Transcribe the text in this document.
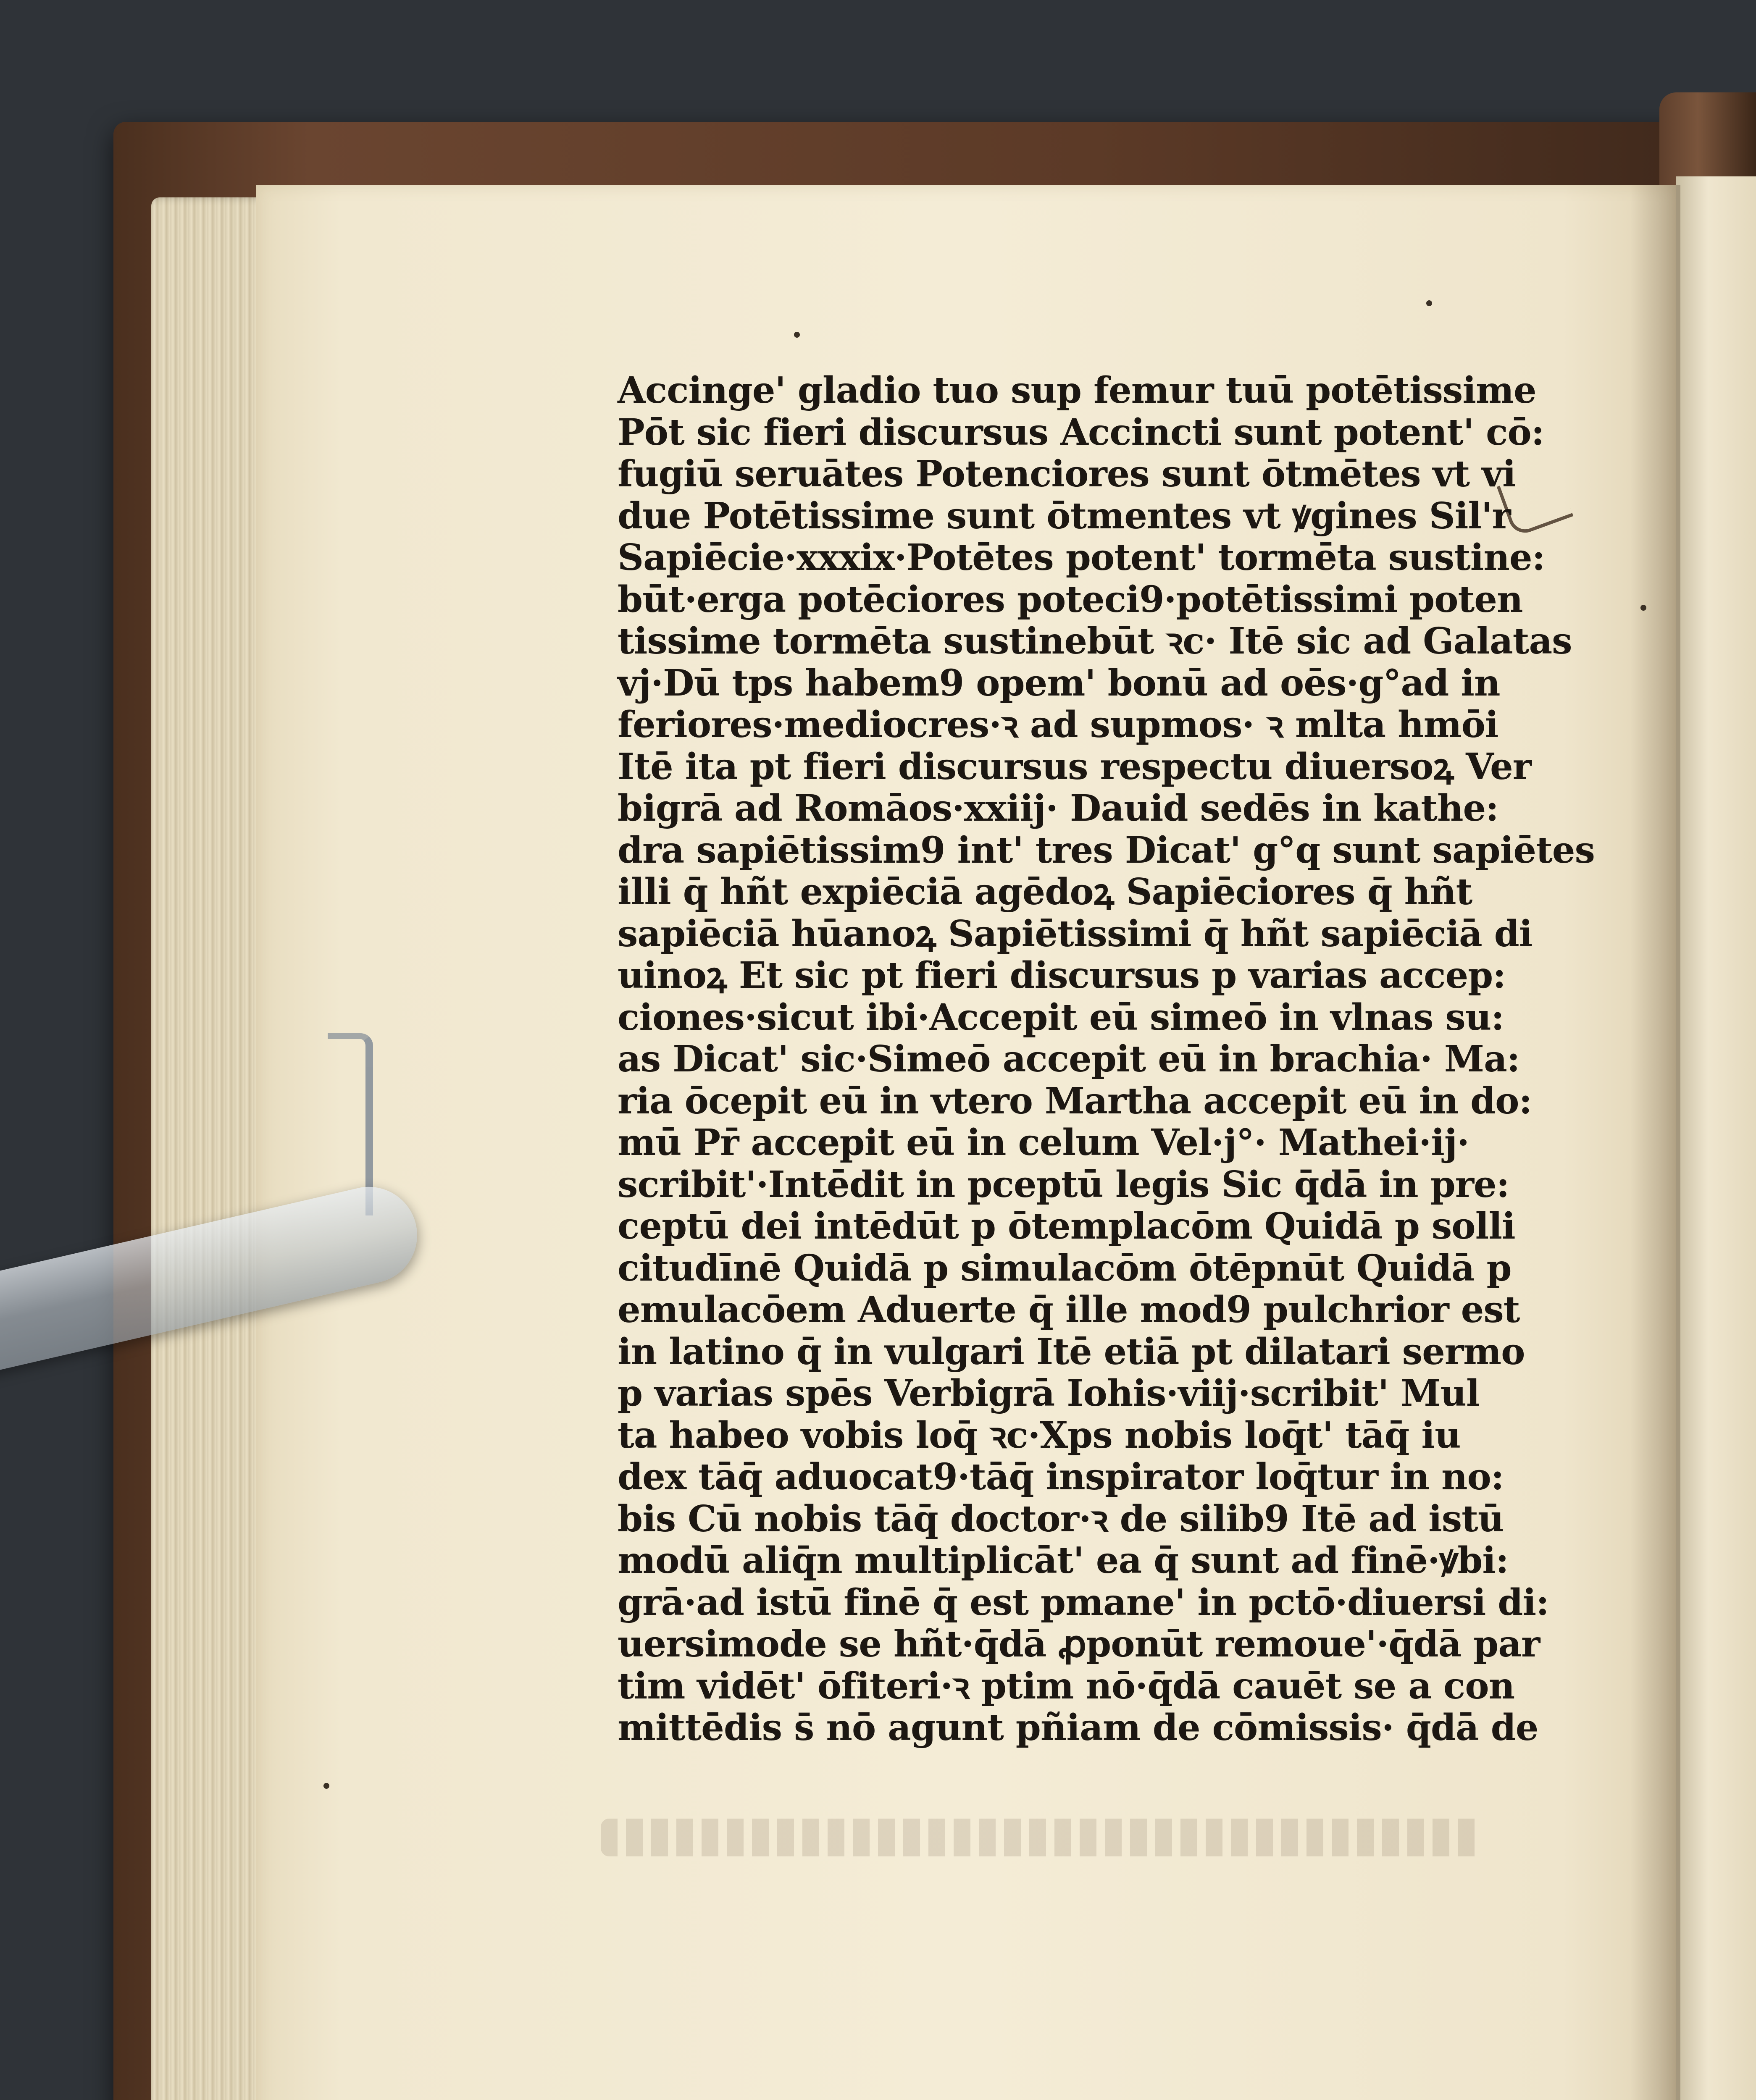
Accinge' gladio tuo sup femur tuū potētissime
Pōt sic fieri discursus Accincti sunt potent' cō:
fugiū seruātes Potenciores sunt ōtmētes vt vi
due Potētissime sunt ōtmentes vt ꝟgines Sil'r
Sapiēcie·xxxix·Potētes potent' tormēta sustine:
būt·erga potēciores poteci9·potētissimi poten
tissime tormēta sustinebūt ꝛc· Itē sic ad Galatas
vj·Dū tps habem9 opem' bonū ad oēs·g°ad in
feriores·mediocres·ꝛ ad supmos· ꝛ mlta hmōi
Itē ita pt fieri discursus respectu diuersoꝝ Ver
bigrā ad Romāos·xxiij· Dauid sedēs in kathe:
dra sapiētissim9 int' tres Dicat' g°q sunt sapiētes
illi q̄ hñt expiēciā agēdoꝝ Sapiēciores q̄ hñt
sapiēciā hūanoꝝ Sapiētissimi q̄ hñt sapiēciā di
uinoꝝ Et sic pt fieri discursus p varias accep:
ciones·sicut ibi·Accepit eū simeō in vlnas su:
as Dicat' sic·Simeō accepit eū in brachia· Ma:
ria ōcepit eū in vtero Martha accepit eū in do:
mū Pr̄ accepit eū in celum Vel·j°· Mathei·ij·
scribit'·Intēdit in pceptū legis Sic q̄dā in pre:
ceptū dei intēdūt p ōtemplacōm Quidā p solli
citudīnē Quidā p simulacōm ōtēpnūt Quidā p
emulacōem Aduerte q̄ ille mod9 pulchrior est
in latino q̄ in vulgari Itē etiā pt dilatari sermo
p varias spēs Verbigrā Iohis·viij·scribit' Mul
ta habeo vobis loq̄ ꝛc·Xps nobis loq̄t' tāq̄ iu
dex tāq̄ aduocat9·tāq̄ inspirator loq̄tur in no:
bis Cū nobis tāq̄ doctor·ꝛ de silib9 Itē ad istū
modū aliq̄n multiplicāt' ea q̄ sunt ad finē·ꝟbi:
grā·ad istū finē q̄ est pmane' in pctō·diuersi di:
uersimode se hñt·q̄dā ꝓponūt remoue'·q̄dā par
tim vidēt' ōfiteri·ꝛ ptim nō·q̄dā cauēt se a con
mittēdis s̄ nō agunt pñiam de cōmissis· q̄dā de
